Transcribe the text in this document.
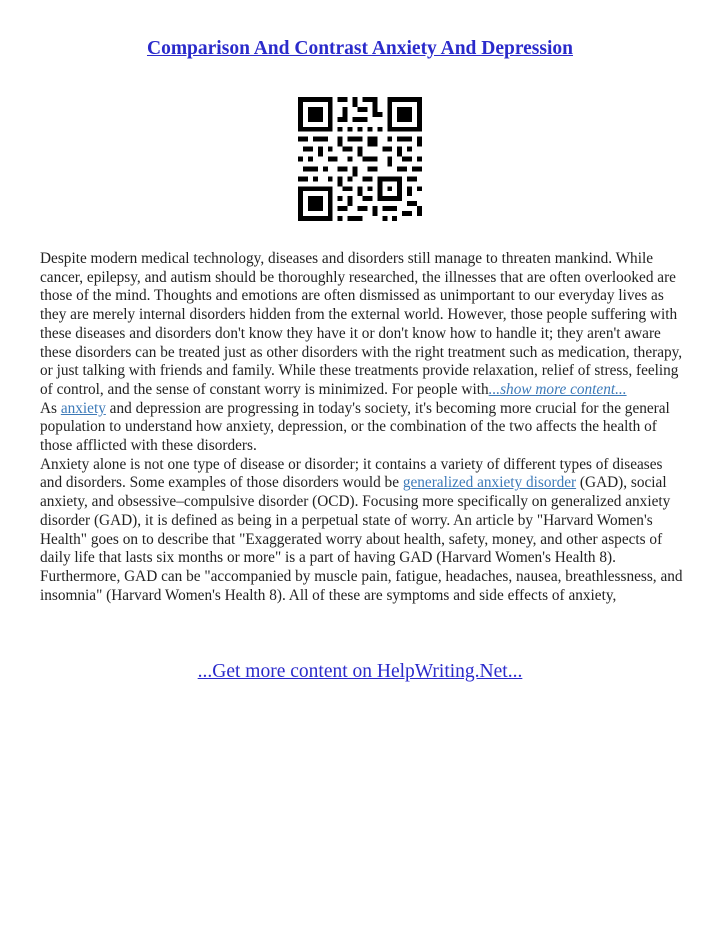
Comparison And Contrast Anxiety And Depression

Despite modern medical technology, diseases and disorders still manage to threaten mankind. While cancer, epilepsy, and autism should be thoroughly researched, the illnesses that are often overlooked are those of the mind. Thoughts and emotions are often dismissed as unimportant to our everyday lives as they are merely internal disorders hidden from the external world. However, those people suffering with these diseases and disorders don't know they have it or don't know how to handle it; they aren't aware these disorders can be treated just as other disorders with the right treatment such as medication, therapy, or just talking with friends and family. While these treatments provide relaxation, relief of stress, feeling of control, and the sense of constant worry is minimized. For people with...show more content...

As anxiety and depression are progressing in today's society, it's becoming more crucial for the general population to understand how anxiety, depression, or the combination of the two affects the health of those afflicted with these disorders.

Anxiety alone is not one type of disease or disorder; it contains a variety of different types of diseases and disorders. Some examples of those disorders would be generalized anxiety disorder (GAD), social anxiety, and obsessive–compulsive disorder (OCD). Focusing more specifically on generalized anxiety disorder (GAD), it is defined as being in a perpetual state of worry. An article by "Harvard Women's Health" goes on to describe that "Exaggerated worry about health, safety, money, and other aspects of daily life that lasts six months or more" is a part of having GAD (Harvard Women's Health 8). Furthermore, GAD can be "accompanied by muscle pain, fatigue, headaches, nausea, breathlessness, and insomnia" (Harvard Women's Health 8). All of these are symptoms and side effects of anxiety,

...Get more content on HelpWriting.Net...
